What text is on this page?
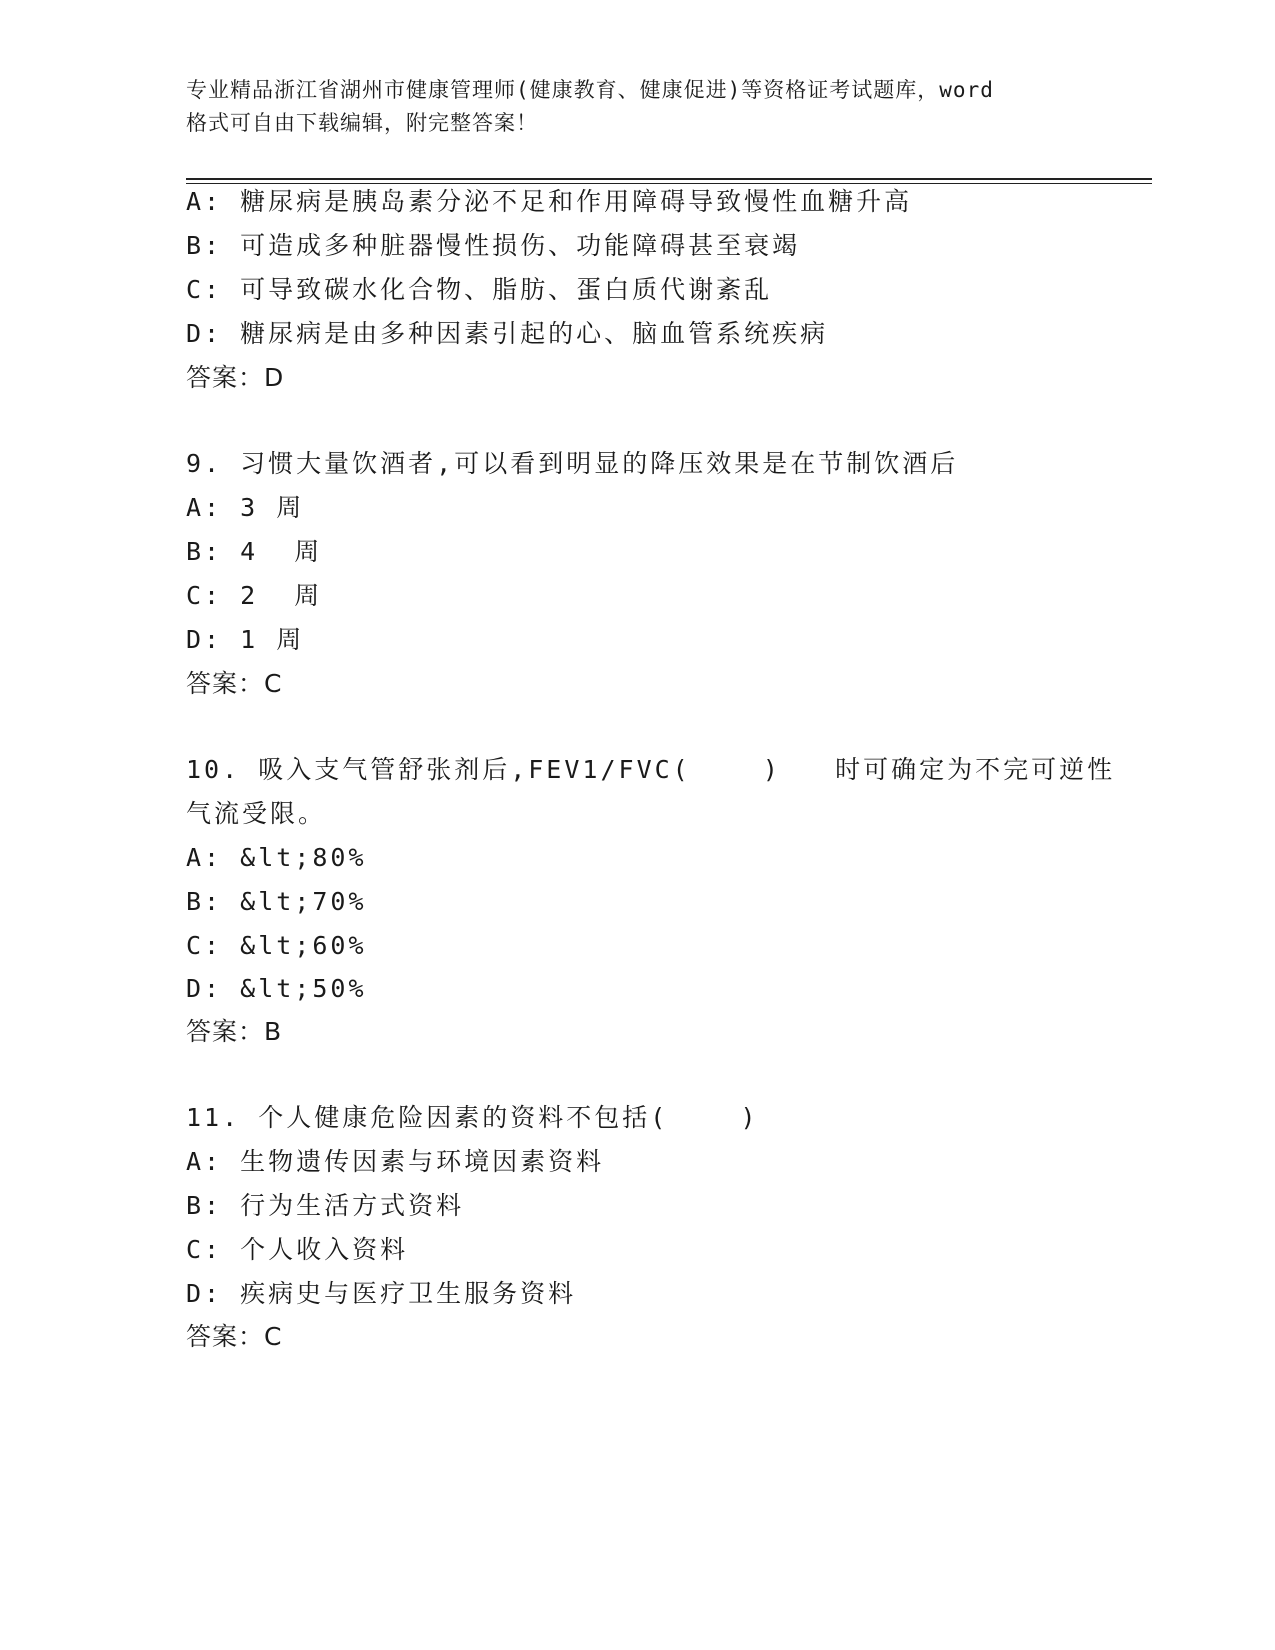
专业精品浙江省湖州市健康管理师(健康教育、健康促进)等资格证考试题库，word
格式可自由下载编辑，附完整答案！
A: 糖尿病是胰岛素分泌不足和作用障碍导致慢性血糖升高
B: 可造成多种脏器慢性损伤、功能障碍甚至衰竭
C: 可导致碳水化合物、脂肪、蛋白质代谢紊乱
D: 糖尿病是由多种因素引起的心、脑血管系统疾病
答案：D
9. 习惯大量饮酒者,可以看到明显的降压效果是在节制饮酒后
A: 3 周
B: 4  周
C: 2  周
D: 1 周
答案：C
10. 吸入支气管舒张剂后,FEV1/FVC(    )   时可确定为不完可逆性
气流受限。
A: &lt;80%
B: &lt;70%
C: &lt;60%
D: &lt;50%
答案：B
11. 个人健康危险因素的资料不包括(    )
A: 生物遗传因素与环境因素资料
B: 行为生活方式资料
C: 个人收入资料
D: 疾病史与医疗卫生服务资料
答案：C
